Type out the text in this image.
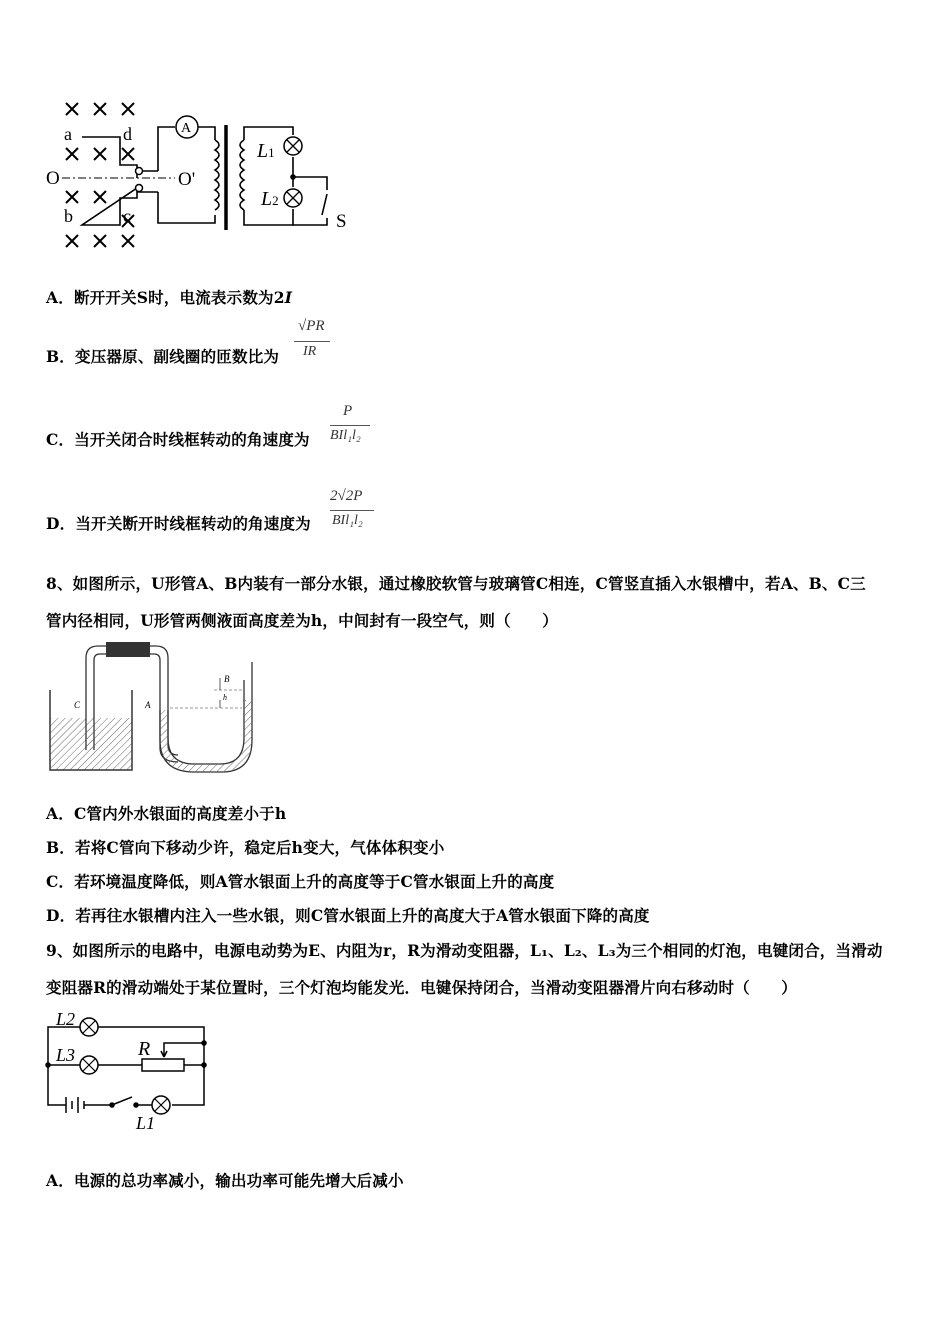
a	d
b	c
O	O'
A
L1
L2
S
A．断开开关S时，电流表示数为2I
B．变压器原、副线圈的匝数比为
√PR
IR
C．当开关闭合时线框转动的角速度为
P
BIl₁l₂
D．当开关断开时线框转动的角速度为
2√2P
BIl₁l₂
8、如图所示，U形管A、B内装有一部分水银，通过橡胶软管与玻璃管C相连，C管竖直插入水银槽中，若A、B、C三
管内径相同，U形管两侧液面高度差为h，中间封有一段空气，则（　　）
C	A
B
h
A．C管内外水银面的高度差小于h
B．若将C管向下移动少许，稳定后h变大，气体体积变小
C．若环境温度降低，则A管水银面上升的高度等于C管水银面上升的高度
D．若再往水银槽内注入一些水银，则C管水银面上升的高度大于A管水银面下降的高度
9、如图所示的电路中，电源电动势为E、内阻为r，R为滑动变阻器，L₁、L₂、L₃为三个相同的灯泡，电键闭合，当滑动
变阻器R的滑动端处于某位置时，三个灯泡均能发光．电键保持闭合，当滑动变阻器滑片向右移动时（　　）
L2
L3	R
L1
A．电源的总功率减小，输出功率可能先增大后减小
